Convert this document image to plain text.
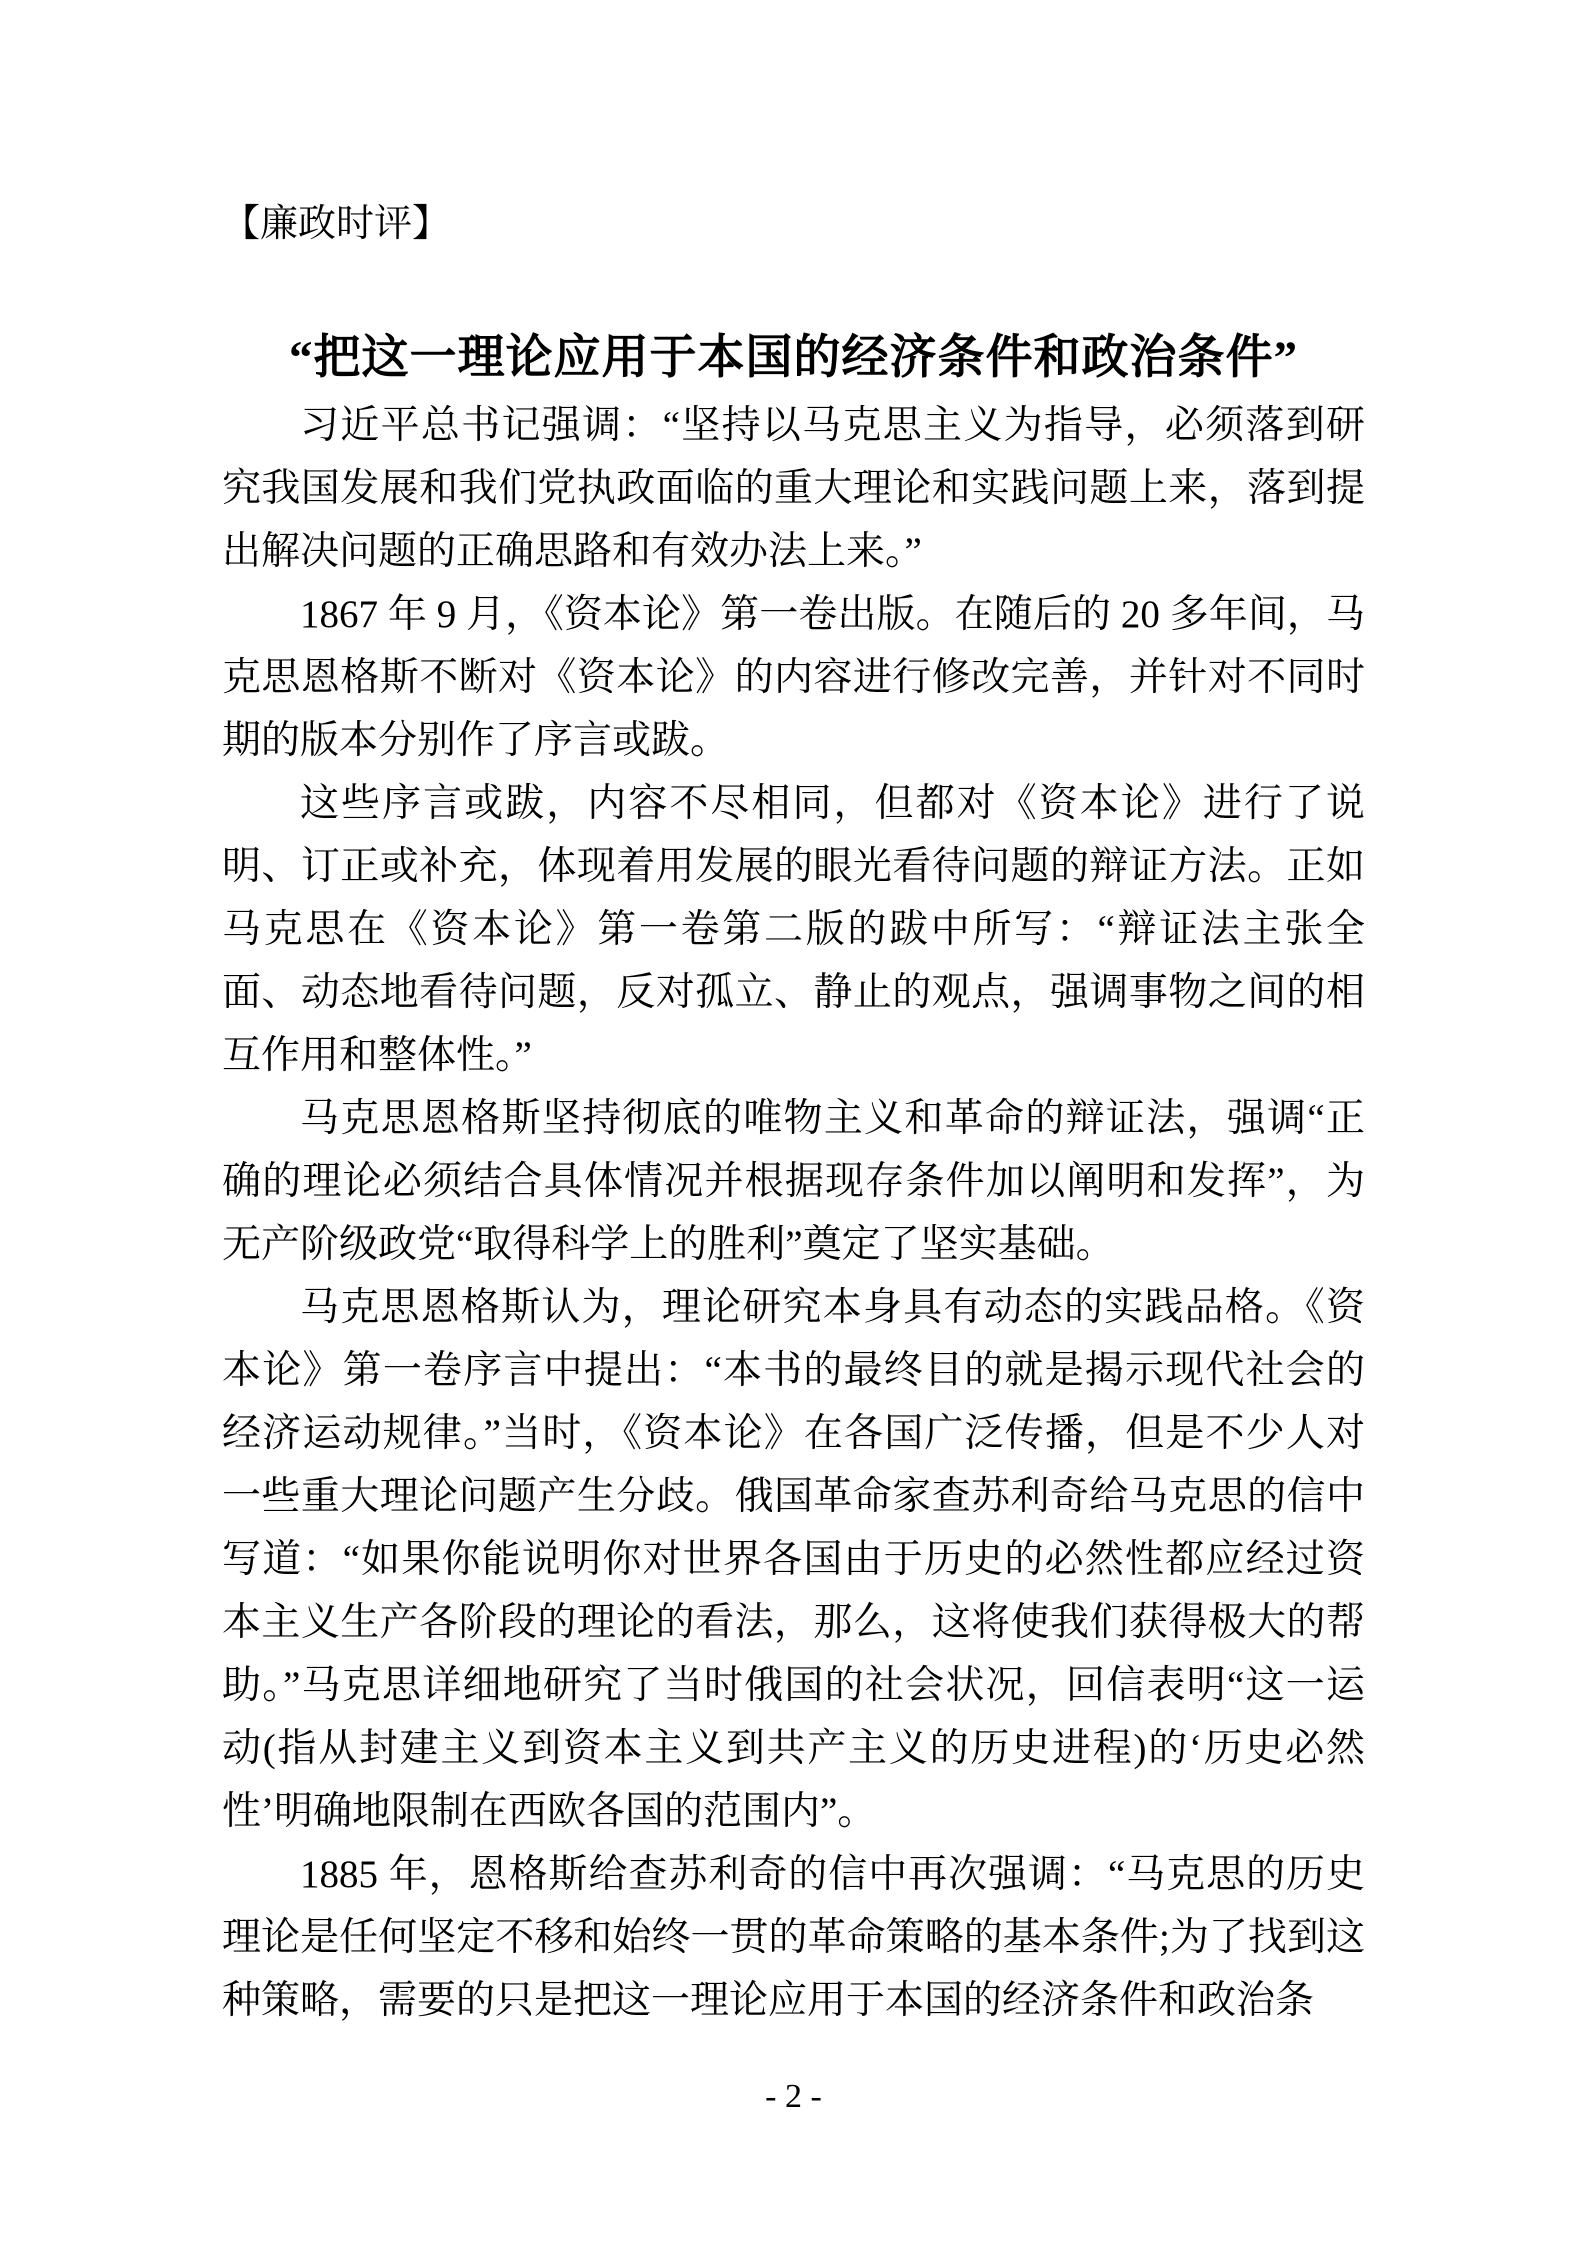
【廉政时评】
“把这一理论应用于本国的经济条件和政治条件”

习近平总书记强调：“坚持以马克思主义为指导，必须落到研究我国发展和我们党执政面临的重大理论和实践问题上来，落到提出解决问题的正确思路和有效办法上来。”

1867 年 9 月，《资本论》第一卷出版。在随后的 20 多年间，马克思恩格斯不断对《资本论》的内容进行修改完善，并针对不同时期的版本分别作了序言或跋。

这些序言或跋，内容不尽相同，但都对《资本论》进行了说明、订正或补充，体现着用发展的眼光看待问题的辩证方法。正如马克思在《资本论》第一卷第二版的跋中所写：“辩证法主张全面、动态地看待问题，反对孤立、静止的观点，强调事物之间的相互作用和整体性。”

马克思恩格斯坚持彻底的唯物主义和革命的辩证法，强调“正确的理论必须结合具体情况并根据现存条件加以阐明和发挥”，为无产阶级政党“取得科学上的胜利”奠定了坚实基础。

马克思恩格斯认为，理论研究本身具有动态的实践品格。《资本论》第一卷序言中提出：“本书的最终目的就是揭示现代社会的经济运动规律。”当时，《资本论》在各国广泛传播，但是不少人对一些重大理论问题产生分歧。俄国革命家查苏利奇给马克思的信中写道：“如果你能说明你对世界各国由于历史的必然性都应经过资本主义生产各阶段的理论的看法，那么，这将使我们获得极大的帮助。”马克思详细地研究了当时俄国的社会状况，回信表明“这一运动(指从封建主义到资本主义到共产主义的历史进程)的‘历史必然性’明确地限制在西欧各国的范围内”。

1885 年，恩格斯给查苏利奇的信中再次强调：“马克思的历史理论是任何坚定不移和始终一贯的革命策略的基本条件;为了找到这种策略，需要的只是把这一理论应用于本国的经济条件和政治条

- 2 -
